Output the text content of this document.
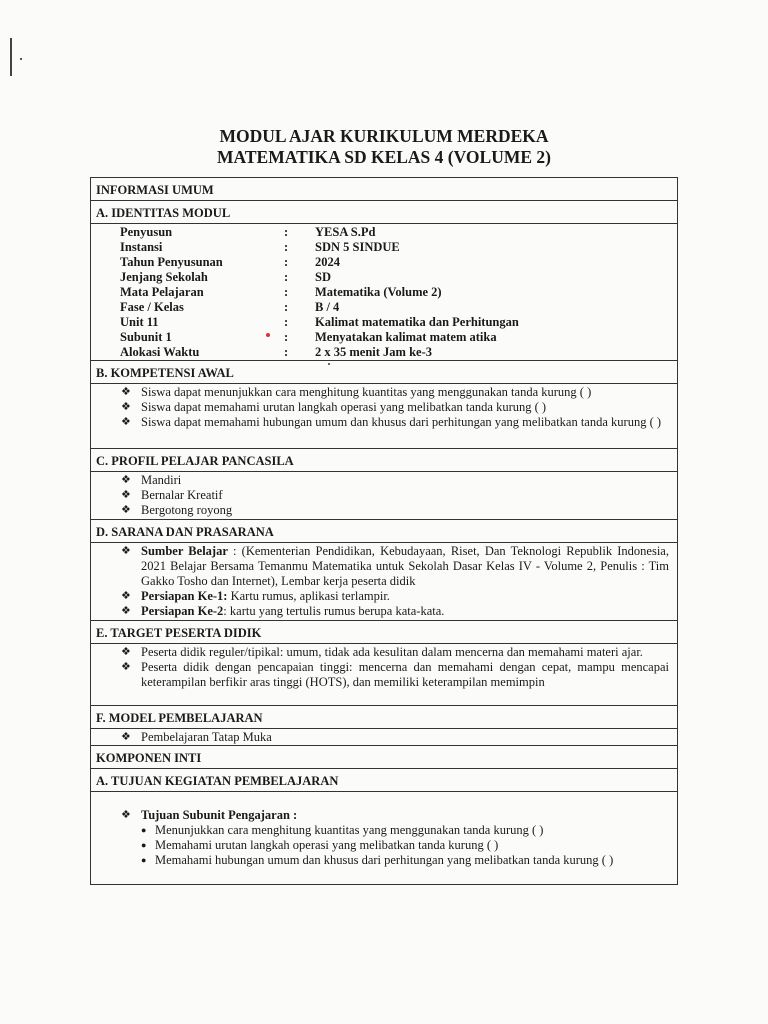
MODUL AJAR KURIKULUM MERDEKA
MATEMATIKA SD KELAS 4 (VOLUME 2)
INFORMASI UMUM
A. IDENTITAS MODUL
Penyusun	: YESA S.Pd
Instansi	: SDN 5 SINDUE
Tahun Penyusunan	: 2024
Jenjang Sekolah	: SD
Mata Pelajaran	: Matematika (Volume 2)
Fase / Kelas	: B / 4
Unit 11	: Kalimat matematika dan Perhitungan
Subunit 1	: Menyatakan kalimat matem atika
Alokasi Waktu	: 2 x 35 menit Jam ke-3
B. KOMPETENSI AWAL
❖ Siswa dapat menunjukkan cara menghitung kuantitas yang menggunakan tanda kurung ( )
❖ Siswa dapat memahami urutan langkah operasi yang melibatkan tanda kurung ( )
❖ Siswa dapat memahami hubungan umum dan khusus dari perhitungan yang melibatkan tanda kurung ( )
C. PROFIL PELAJAR PANCASILA
❖ Mandiri
❖ Bernalar Kreatif
❖ Bergotong royong
D. SARANA DAN PRASARANA
❖ Sumber Belajar : (Kementerian Pendidikan, Kebudayaan, Riset, Dan Teknologi Republik Indonesia, 2021 Belajar Bersama Temanmu Matematika untuk Sekolah Dasar Kelas IV - Volume 2, Penulis : Tim Gakko Tosho dan Internet), Lembar kerja peserta didik
❖ Persiapan Ke-1: Kartu rumus, aplikasi terlampir.
❖ Persiapan Ke-2: kartu yang tertulis rumus berupa kata-kata.
E. TARGET PESERTA DIDIK
❖ Peserta didik reguler/tipikal: umum, tidak ada kesulitan dalam mencerna dan memahami materi ajar.
❖ Peserta didik dengan pencapaian tinggi: mencerna dan memahami dengan cepat, mampu mencapai keterampilan berfikir aras tinggi (HOTS), dan memiliki keterampilan memimpin
F. MODEL PEMBELAJARAN
❖ Pembelajaran Tatap Muka
KOMPONEN INTI
A. TUJUAN KEGIATAN PEMBELAJARAN
❖ Tujuan Subunit Pengajaran :
● Menunjukkan cara menghitung kuantitas yang menggunakan tanda kurung ( )
● Memahami urutan langkah operasi yang melibatkan tanda kurung ( )
● Memahami hubungan umum dan khusus dari perhitungan yang melibatkan tanda kurung ( )
